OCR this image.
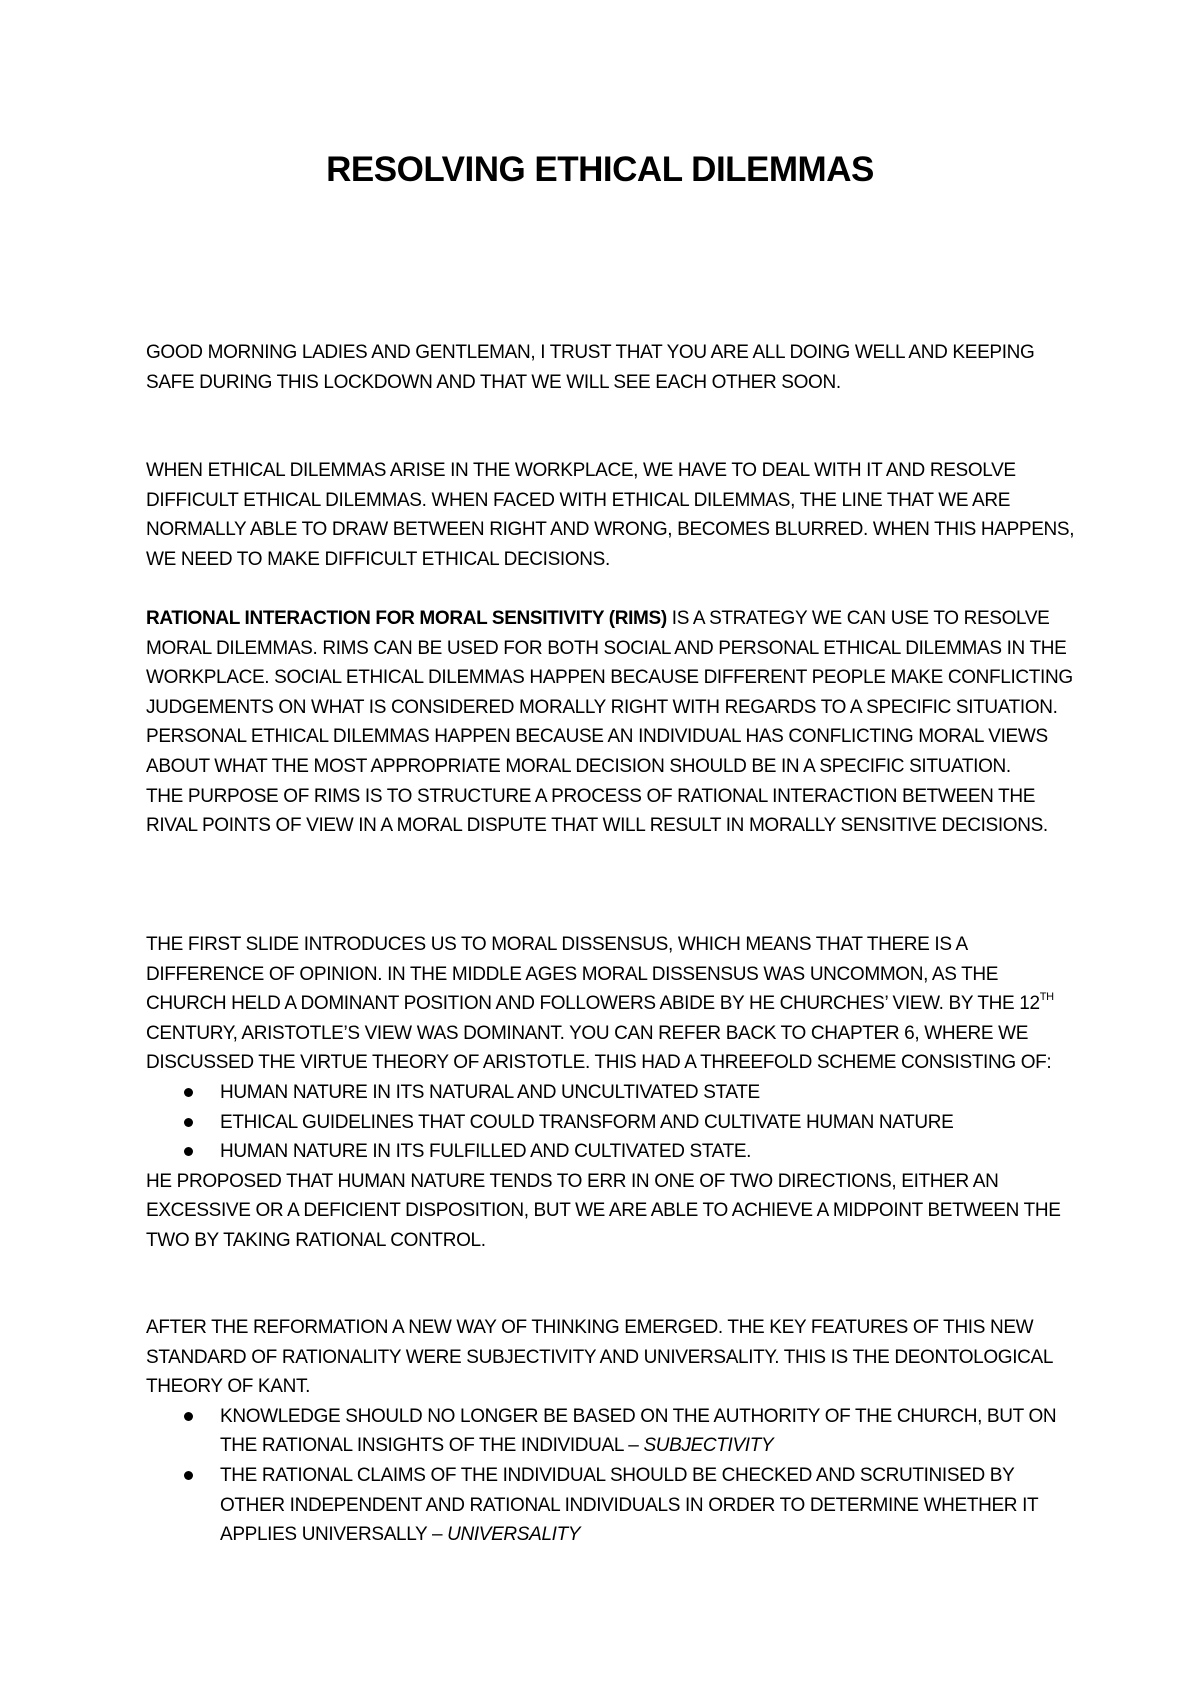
RESOLVING ETHICAL DILEMMAS

GOOD MORNING LADIES AND GENTLEMAN, I TRUST THAT YOU ARE ALL DOING WELL AND KEEPING SAFE DURING THIS LOCKDOWN AND THAT WE WILL SEE EACH OTHER SOON.

WHEN ETHICAL DILEMMAS ARISE IN THE WORKPLACE, WE HAVE TO DEAL WITH IT AND RESOLVE DIFFICULT ETHICAL DILEMMAS. WHEN FACED WITH ETHICAL DILEMMAS, THE LINE THAT WE ARE NORMALLY ABLE TO DRAW BETWEEN RIGHT AND WRONG, BECOMES BLURRED. WHEN THIS HAPPENS, WE NEED TO MAKE DIFFICULT ETHICAL DECISIONS.

RATIONAL INTERACTION FOR MORAL SENSITIVITY (RIMS) IS A STRATEGY WE CAN USE TO RESOLVE MORAL DILEMMAS. RIMS CAN BE USED FOR BOTH SOCIAL AND PERSONAL ETHICAL DILEMMAS IN THE WORKPLACE. SOCIAL ETHICAL DILEMMAS HAPPEN BECAUSE DIFFERENT PEOPLE MAKE CONFLICTING JUDGEMENTS ON WHAT IS CONSIDERED MORALLY RIGHT WITH REGARDS TO A SPECIFIC SITUATION. PERSONAL ETHICAL DILEMMAS HAPPEN BECAUSE AN INDIVIDUAL HAS CONFLICTING MORAL VIEWS ABOUT WHAT THE MOST APPROPRIATE MORAL DECISION SHOULD BE IN A SPECIFIC SITUATION.

THE PURPOSE OF RIMS IS TO STRUCTURE A PROCESS OF RATIONAL INTERACTION BETWEEN THE RIVAL POINTS OF VIEW IN A MORAL DISPUTE THAT WILL RESULT IN MORALLY SENSITIVE DECISIONS.

THE FIRST SLIDE INTRODUCES US TO MORAL DISSENSUS, WHICH MEANS THAT THERE IS A DIFFERENCE OF OPINION. IN THE MIDDLE AGES MORAL DISSENSUS WAS UNCOMMON, AS THE CHURCH HELD A DOMINANT POSITION AND FOLLOWERS ABIDE BY HE CHURCHES’ VIEW. BY THE 12TH CENTURY, ARISTOTLE’S VIEW WAS DOMINANT. YOU CAN REFER BACK TO CHAPTER 6, WHERE WE DISCUSSED THE VIRTUE THEORY OF ARISTOTLE. THIS HAD A THREEFOLD SCHEME CONSISTING OF:

HUMAN NATURE IN ITS NATURAL AND UNCULTIVATED STATE
ETHICAL GUIDELINES THAT COULD TRANSFORM AND CULTIVATE HUMAN NATURE
HUMAN NATURE IN ITS FULFILLED AND CULTIVATED STATE.

HE PROPOSED THAT HUMAN NATURE TENDS TO ERR IN ONE OF TWO DIRECTIONS, EITHER AN EXCESSIVE OR A DEFICIENT DISPOSITION, BUT WE ARE ABLE TO ACHIEVE A MIDPOINT BETWEEN THE TWO BY TAKING RATIONAL CONTROL.

AFTER THE REFORMATION A NEW WAY OF THINKING EMERGED. THE KEY FEATURES OF THIS NEW STANDARD OF RATIONALITY WERE SUBJECTIVITY AND UNIVERSALITY. THIS IS THE DEONTOLOGICAL THEORY OF KANT.

KNOWLEDGE SHOULD NO LONGER BE BASED ON THE AUTHORITY OF THE CHURCH, BUT ON THE RATIONAL INSIGHTS OF THE INDIVIDUAL – SUBJECTIVITY
THE RATIONAL CLAIMS OF THE INDIVIDUAL SHOULD BE CHECKED AND SCRUTINISED BY OTHER INDEPENDENT AND RATIONAL INDIVIDUALS IN ORDER TO DETERMINE WHETHER IT APPLIES UNIVERSALLY – UNIVERSALITY
